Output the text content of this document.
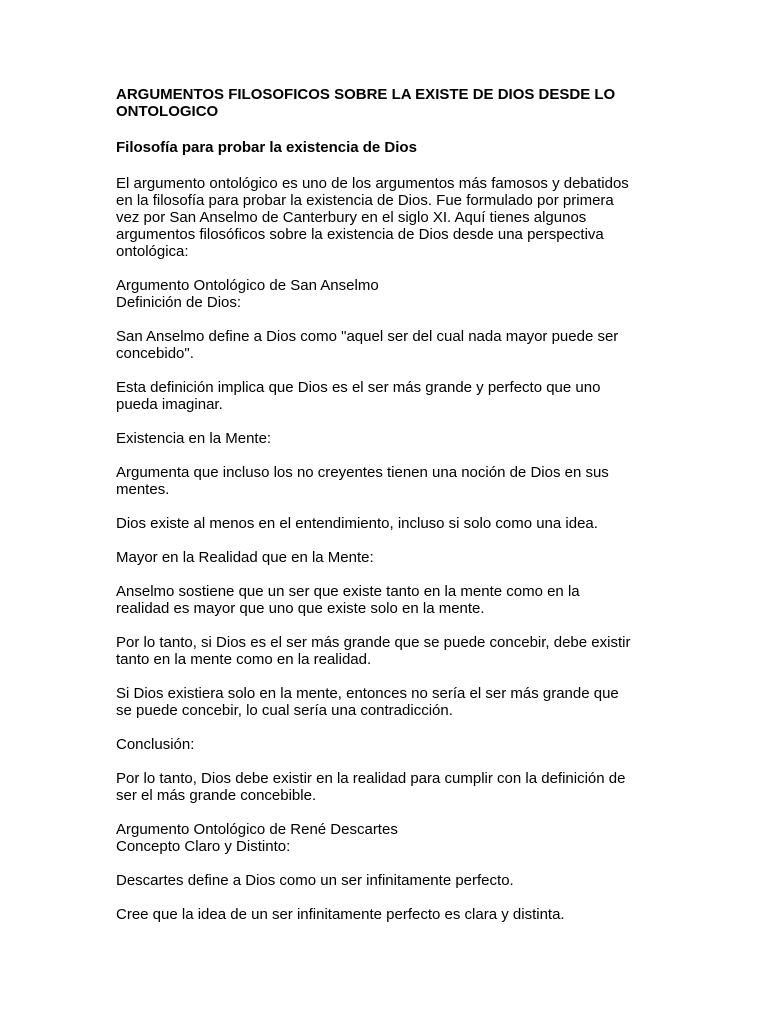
ARGUMENTOS FILOSOFICOS SOBRE LA EXISTE DE DIOS DESDE LO
ONTOLOGICO
Filosofía para probar la existencia de Dios
El argumento ontológico es uno de los argumentos más famosos y debatidos
en la filosofía para probar la existencia de Dios. Fue formulado por primera
vez por San Anselmo de Canterbury en el siglo XI. Aquí tienes algunos
argumentos filosóficos sobre la existencia de Dios desde una perspectiva
ontológica:
Argumento Ontológico de San Anselmo
Definición de Dios:
San Anselmo define a Dios como "aquel ser del cual nada mayor puede ser
concebido".
Esta definición implica que Dios es el ser más grande y perfecto que uno
pueda imaginar.
Existencia en la Mente:
Argumenta que incluso los no creyentes tienen una noción de Dios en sus
mentes.
Dios existe al menos en el entendimiento, incluso si solo como una idea.
Mayor en la Realidad que en la Mente:
Anselmo sostiene que un ser que existe tanto en la mente como en la
realidad es mayor que uno que existe solo en la mente.
Por lo tanto, si Dios es el ser más grande que se puede concebir, debe existir
tanto en la mente como en la realidad.
Si Dios existiera solo en la mente, entonces no sería el ser más grande que
se puede concebir, lo cual sería una contradicción.
Conclusión:
Por lo tanto, Dios debe existir en la realidad para cumplir con la definición de
ser el más grande concebible.
Argumento Ontológico de René Descartes
Concepto Claro y Distinto:
Descartes define a Dios como un ser infinitamente perfecto.
Cree que la idea de un ser infinitamente perfecto es clara y distinta.
